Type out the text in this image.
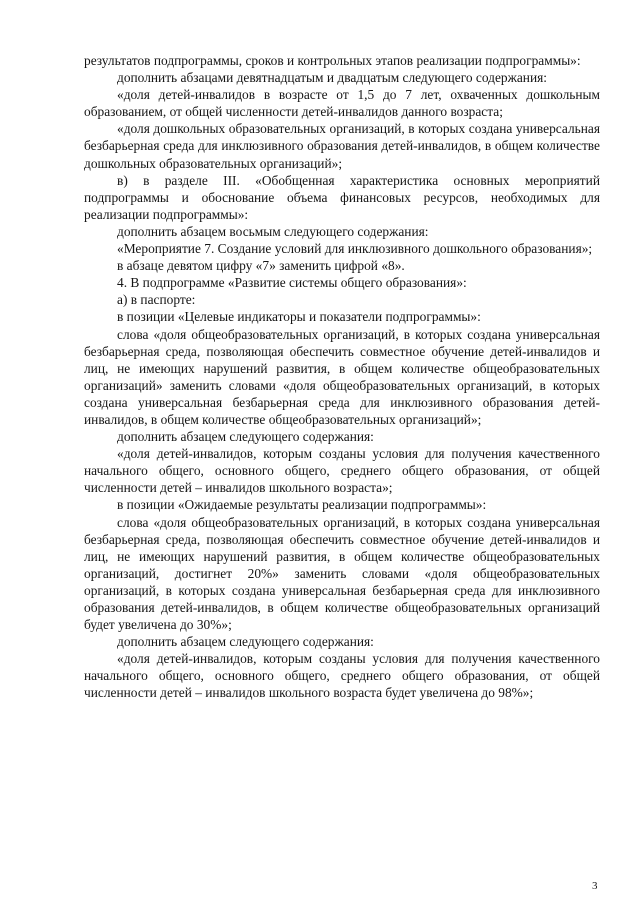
результатов подпрограммы, сроков и контрольных этапов реализации подпрограммы»:

дополнить абзацами девятнадцатым и двадцатым следующего содержания:

«доля детей-инвалидов в возрасте от 1,5 до 7 лет, охваченных дошкольным образованием, от общей численности детей-инвалидов данного возраста;

«доля дошкольных образовательных организаций, в которых создана универсальная безбарьерная среда для инклюзивного образования детей-инвалидов, в общем количестве дошкольных образовательных организаций»;

в) в разделе III. «Обобщенная характеристика основных мероприятий подпрограммы и обоснование объема финансовых ресурсов, необходимых для реализации подпрограммы»:

дополнить абзацем восьмым следующего содержания:

«Мероприятие 7. Создание условий для инклюзивного дошкольного образования»;

в абзаце девятом цифру «7» заменить цифрой «8».

4. В подпрограмме «Развитие системы общего образования»:

а) в паспорте:

в позиции «Целевые индикаторы и показатели подпрограммы»:

слова «доля общеобразовательных организаций, в которых создана универсальная безбарьерная среда, позволяющая обеспечить совместное обучение детей-инвалидов и лиц, не имеющих нарушений развития, в общем количестве общеобразовательных организаций» заменить словами «доля общеобразовательных организаций, в которых создана универсальная безбарьерная среда для инклюзивного образования детей-инвалидов, в общем количестве общеобразовательных организаций»;

дополнить абзацем следующего содержания:

«доля детей-инвалидов, которым созданы условия для получения качественного начального общего, основного общего, среднего общего образования, от общей численности детей – инвалидов школьного возраста»;

в позиции «Ожидаемые результаты реализации подпрограммы»:

слова «доля общеобразовательных организаций, в которых создана универсальная безбарьерная среда, позволяющая обеспечить совместное обучение детей-инвалидов и лиц, не имеющих нарушений развития, в общем количестве общеобразовательных организаций, достигнет 20%» заменить словами «доля общеобразовательных организаций, в которых создана универсальная безбарьерная среда для инклюзивного образования детей-инвалидов, в общем количестве общеобразовательных организаций будет увеличена до 30%»;

дополнить абзацем следующего содержания:

«доля детей-инвалидов, которым созданы условия для получения качественного начального общего, основного общего, среднего общего образования, от общей численности детей – инвалидов школьного возраста будет увеличена до 98%»;

3
